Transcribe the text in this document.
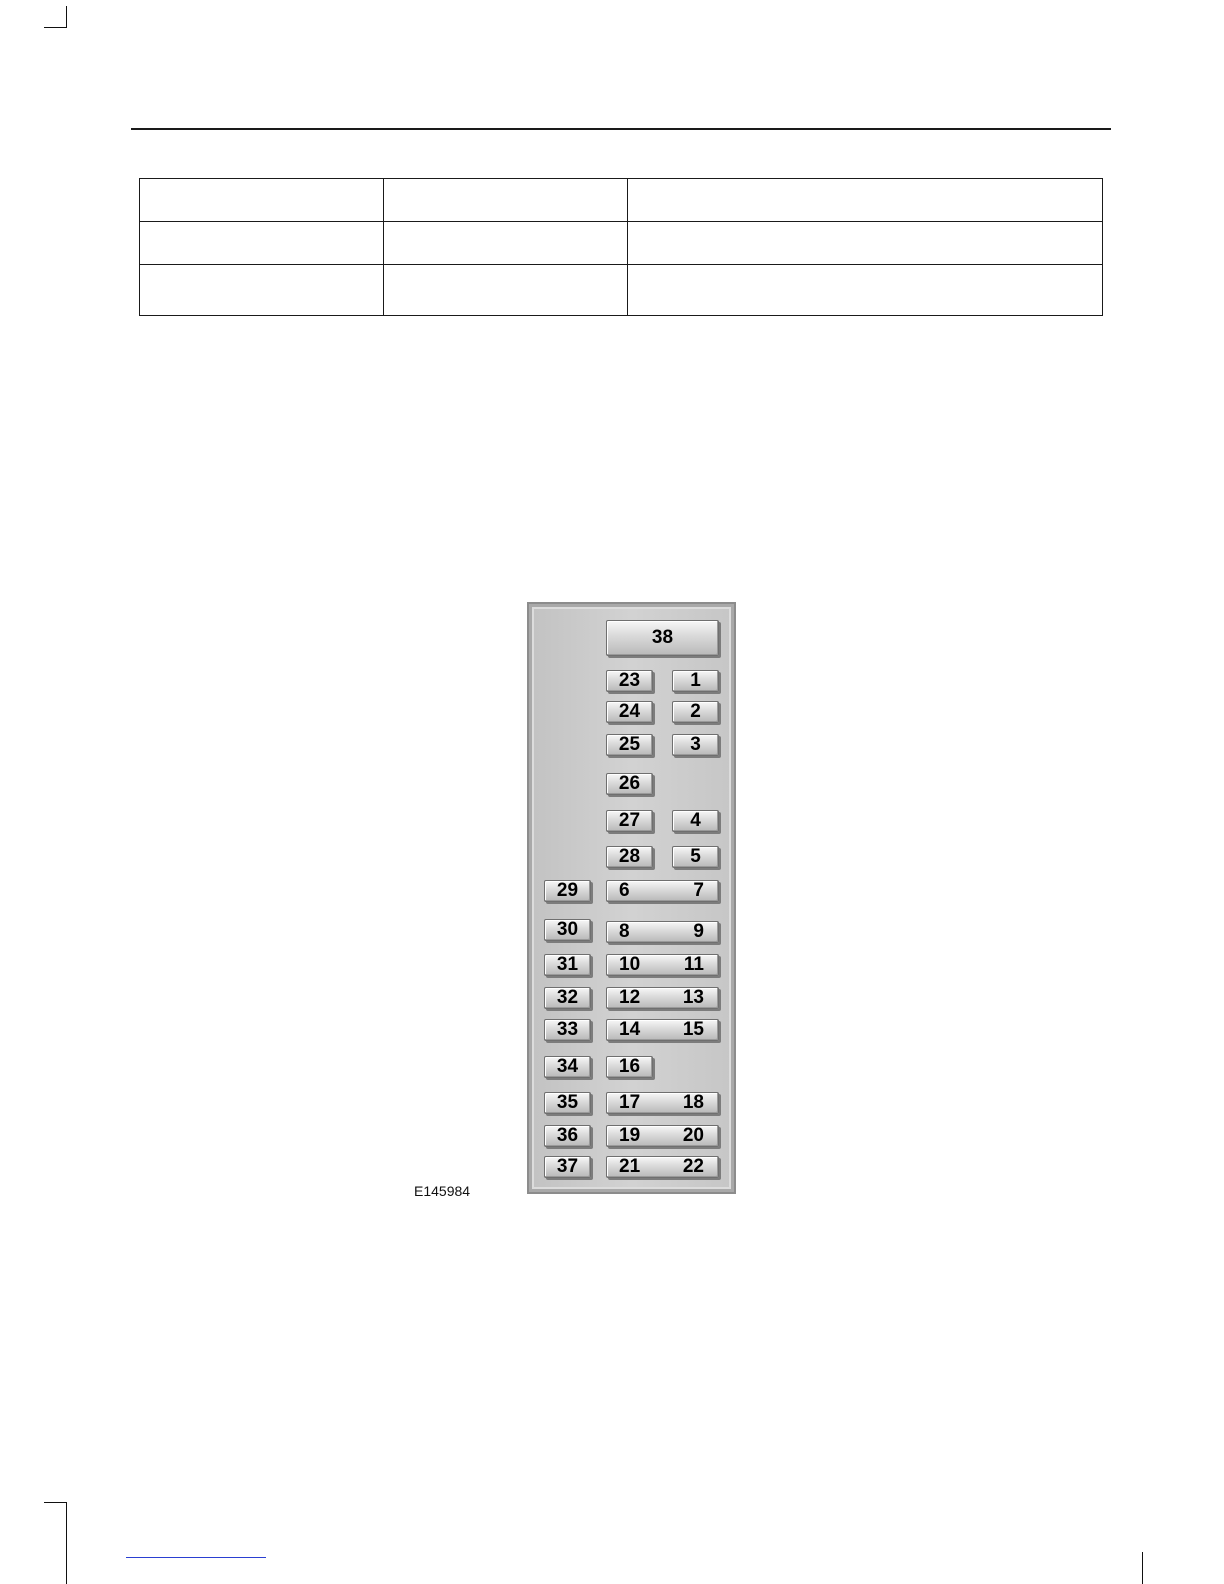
38
23	1
24	2
25	3
26
27	4
28	5
29	6	7
30	8	9
31	10 11
32	12 13
33	14 15
34	16
35	17 18
36	19 20
37	21 22
E145984
